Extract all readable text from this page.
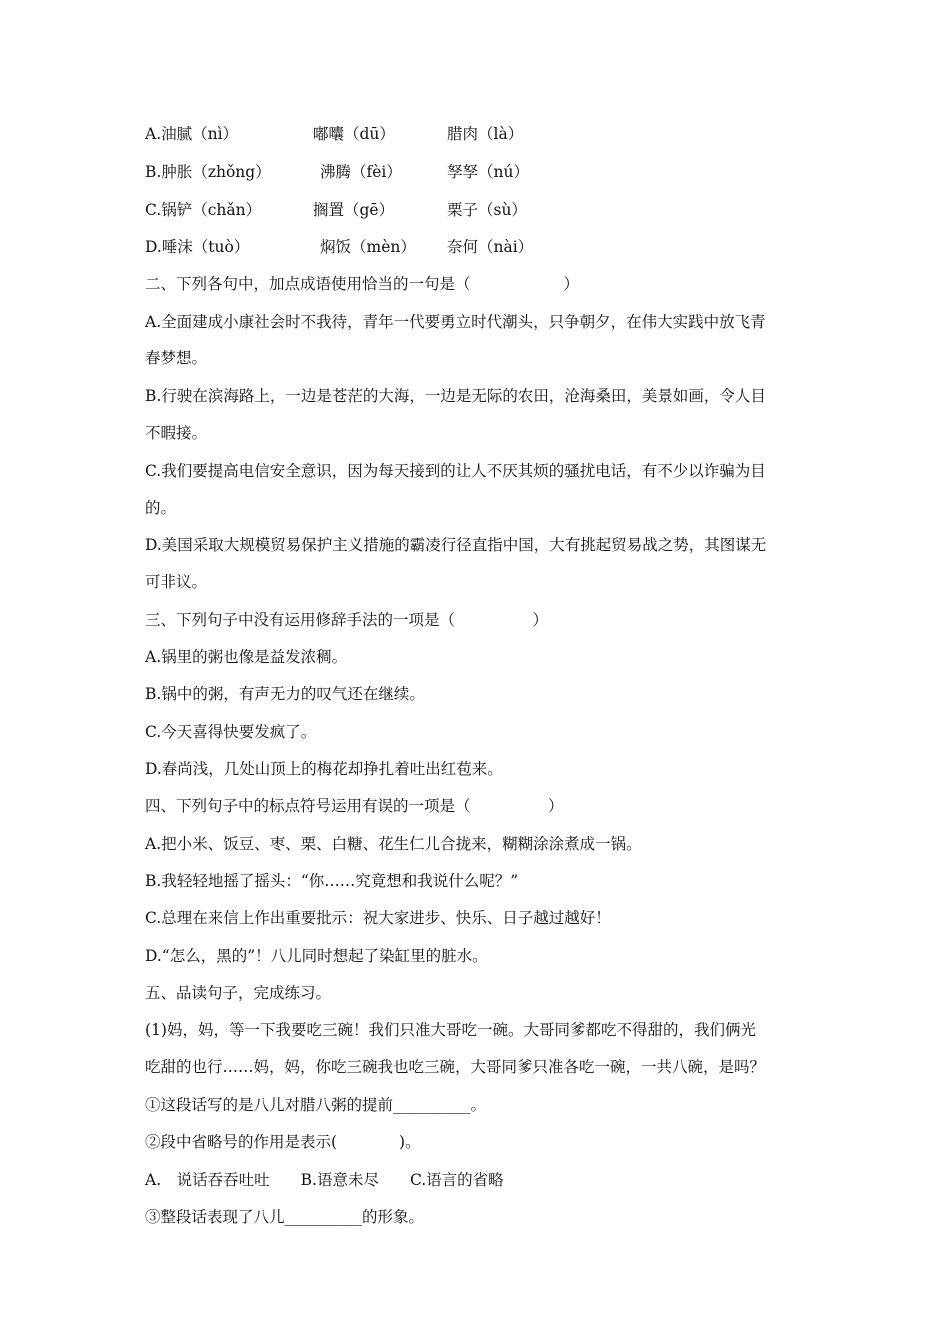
A.油腻（nì）	嘟囔（dū）	腊肉（là）
B.肿胀（zhǒng）	沸腾（fèi）	孥孥（nú）
C.锅铲（chǎn）	搁置（gē）	栗子（sù）
D.唾沫（tuò）	焖饭（mèn） 奈何（nài）
二、下列各句中，加点成语使用恰当的一句是（　　　　　　）
A.全面建成小康社会时不我待，青年一代要勇立时代潮头，只争朝夕，在伟大实践中放飞青
春梦想。
B.行驶在滨海路上，一边是苍茫的大海，一边是无际的农田，沧海桑田，美景如画，令人目
不暇接。
C.我们要提高电信安全意识，因为每天接到的让人不厌其烦的骚扰电话，有不少以诈骗为目
的。
D.美国采取大规模贸易保护主义措施的霸凌行径直指中国，大有挑起贸易战之势，其图谋无
可非议。
三、下列句子中没有运用修辞手法的一项是（　　　　　）
A.锅里的粥也像是益发浓稠。
B.锅中的粥，有声无力的叹气还在继续。
C.今天喜得快要发疯了。
D.春尚浅，几处山顶上的梅花却挣扎着吐出红苞来。
四、下列句子中的标点符号运用有误的一项是（　　　　　）
A.把小米、饭豆、枣、栗、白糖、花生仁儿合拢来，糊糊涂涂煮成一锅。
B.我轻轻地摇了摇头：“你……究竟想和我说什么呢？”
C.总理在来信上作出重要批示：祝大家进步、快乐、日子越过越好！
D.“怎么，黑的”！八儿同时想起了染缸里的脏水。
五、品读句子，完成练习。
(1)妈，妈，等一下我要吃三碗！我们只准大哥吃一碗。大哥同爹都吃不得甜的，我们俩光
吃甜的也行……妈，妈，你吃三碗我也吃三碗，大哥同爹只准各吃一碗，一共八碗，是吗？
①这段话写的是八儿对腊八粥的提前__________。
②段中省略号的作用是表示(　　　　)。
A.　说话吞吞吐吐　　B.语意未尽　　C.语言的省略
③整段话表现了八儿__________的形象。
